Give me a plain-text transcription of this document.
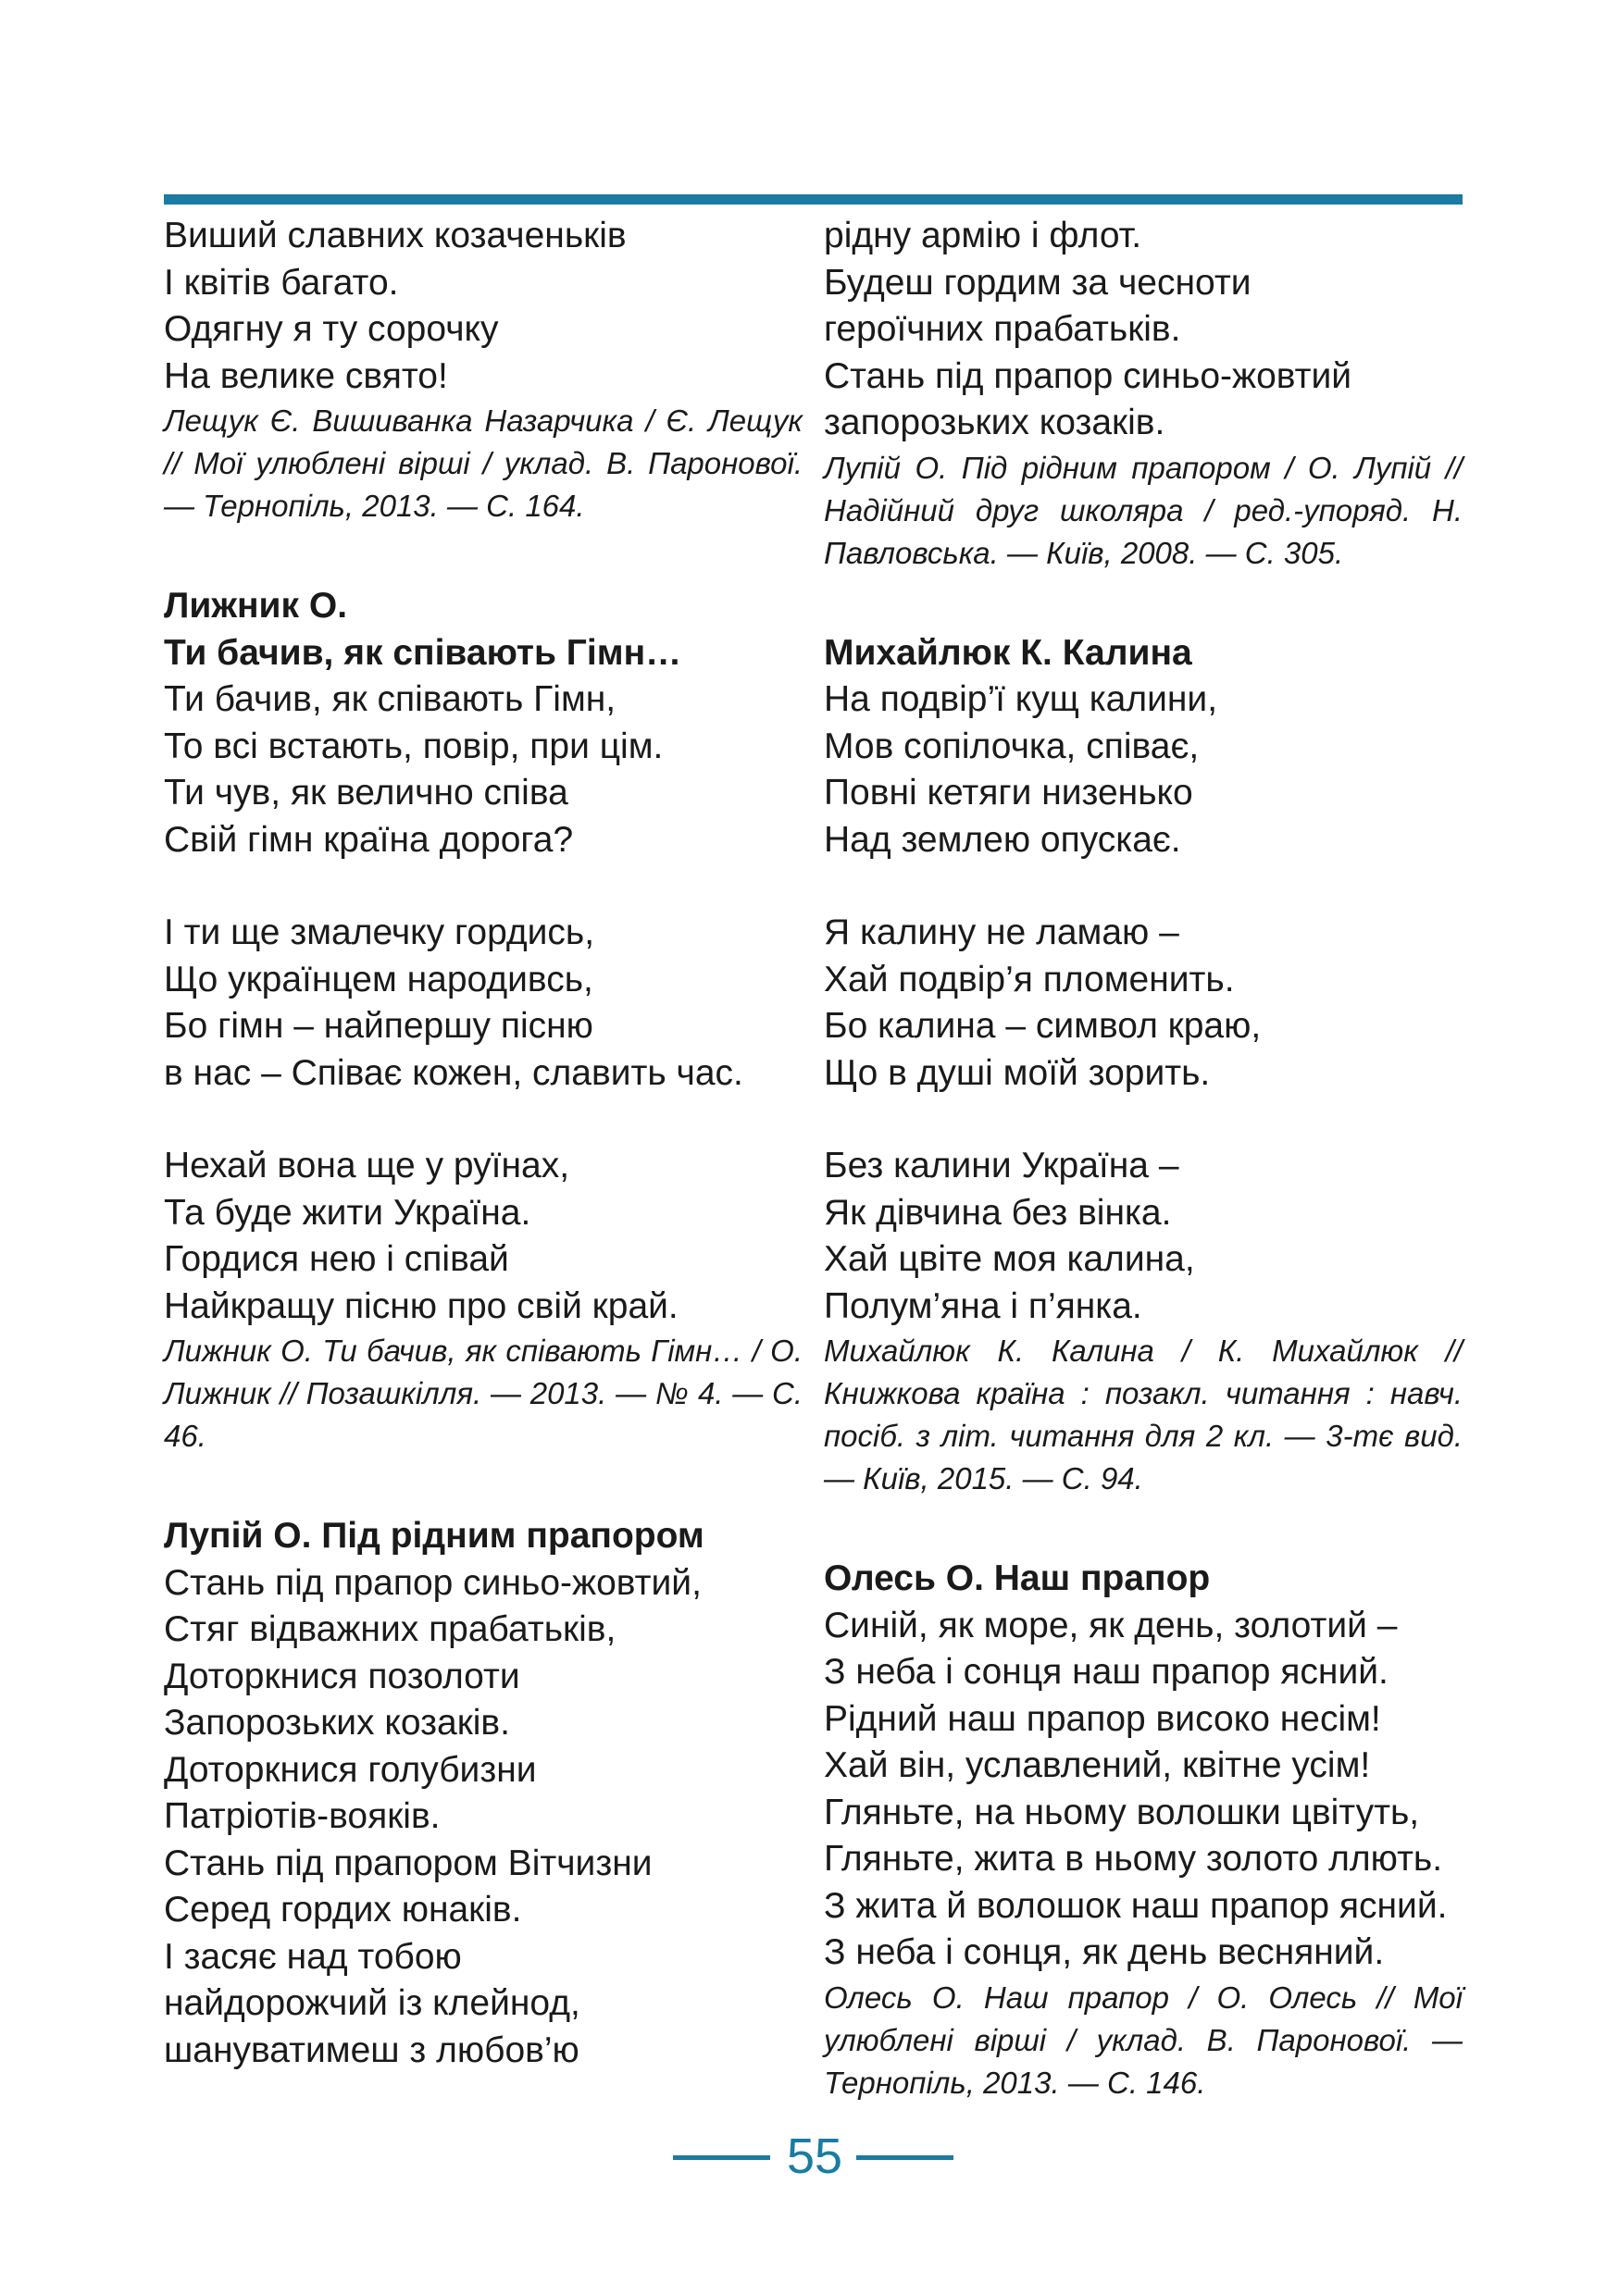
Виший славних козаченьків
І квітів багато.
Одягну я ту сорочку
На велике свято!
Лещук Є. Вишиванка Назарчика / Є. Лещук // Мої улюблені вірші / уклад. В. Паронової. — Тернопіль, 2013. — С. 164.
Лижник О.
Ти бачив, як співають Гімн…
Ти бачив, як співають Гімн,
То всі встають, повір, при цім.
Ти чув, як велично співа
Свій гімн країна дорога?
І ти ще змалечку гордись,
Що українцем народивсь,
Бо гімн – найпершу пісню
в нас – Співає кожен, славить час.
Нехай вона ще у руїнах,
Та буде жити Україна.
Гордися нею і співай
Найкращу пісню про свій край.
Лижник О. Ти бачив, як співають Гімн… / О. Лижник // Позашкілля. — 2013. — № 4. — С. 46.
Лупій О. Під рідним прапором
Стань під прапор синьо-жовтий,
Стяг відважних прабатьків,
Доторкнися позолоти
Запорозьких козаків.
Доторкнися голубизни
Патріотів-вояків.
Стань під прапором Вітчизни
Серед гордих юнаків.
І засяє над тобою
найдорожчий із клейнод,
шануватимеш з любов’ю
рідну армію і флот.
Будеш гордим за чесноти
героїчних прабатьків.
Стань під прапор синьо-жовтий
запорозьких козаків.
Лупій О. Під рідним прапором / О. Лупій // Надійний друг школяра / ред.-упоряд. Н. Павловська. — Київ, 2008. — С. 305.
Михайлюк К. Калина
На подвір’ї кущ калини,
Мов сопілочка, співає,
Повні кетяги низенько
Над землею опускає.
Я калину не ламаю –
Хай подвір’я пломенить.
Бо калина – символ краю,
Що в душі моїй зорить.
Без калини Україна –
Як дівчина без вінка.
Хай цвіте моя калина,
Полум’яна і п’янка.
Михайлюк К. Калина / К. Михайлюк // Книжкова країна : позакл. читання : навч. посіб. з літ. читання для 2 кл. — 3-тє вид. — Київ, 2015. — С. 94.
Олесь О. Наш прапор
Синій, як море, як день, золотий –
З неба і сонця наш прапор ясний.
Рідний наш прапор високо несім!
Хай він, уславлений, квітне усім!
Гляньте, на ньому волошки цвітуть,
Гляньте, жита в ньому золото ллють.
З жита й волошок наш прапор ясний.
З неба і сонця, як день весняний.
Олесь О. Наш прапор / О. Олесь // Мої улюблені вірші / уклад. В. Паронової. — Тернопіль, 2013. — С. 146.
55
